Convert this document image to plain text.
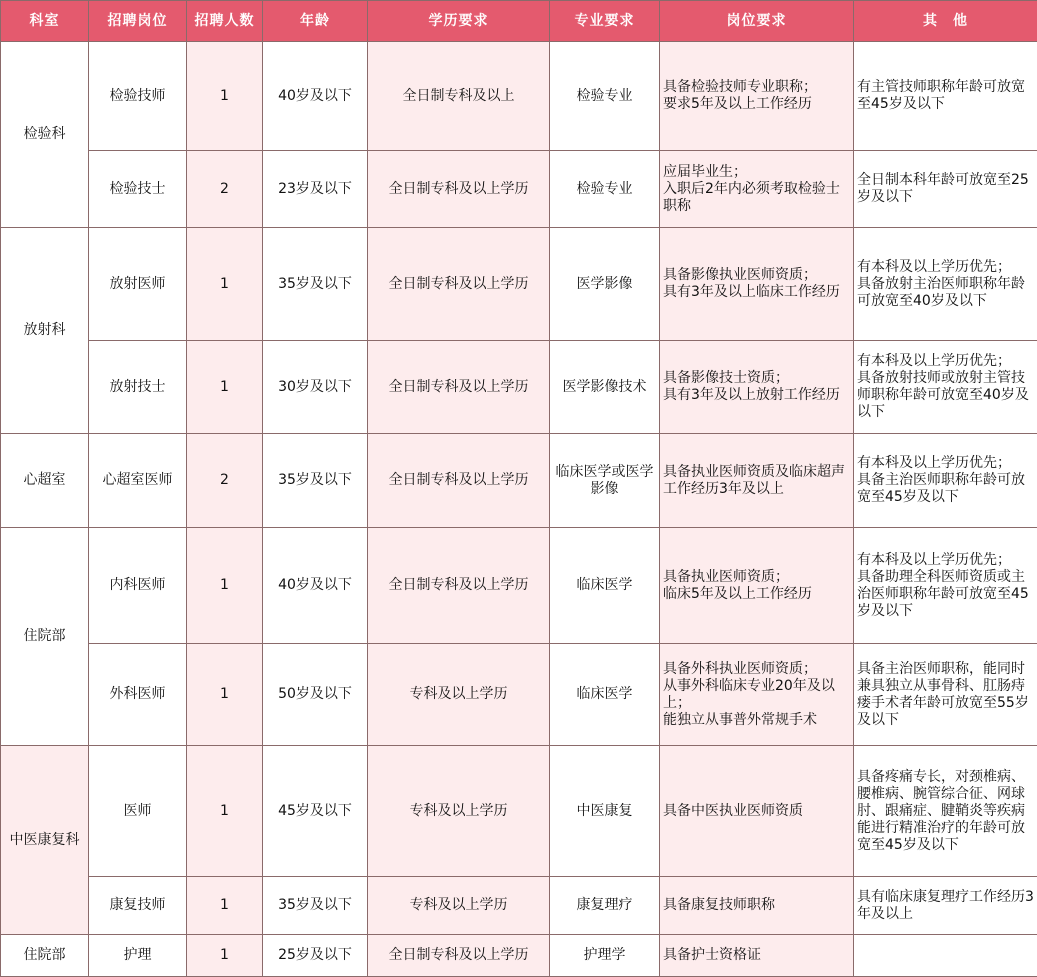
科室	招聘岗位	招聘人数	年龄	学历要求	专业要求	岗位要求	其　他
检验科	检验技师	1	40岁及以下	全日制专科及以上	检验专业	具备检验技师专业职称；
要求5年及以上工作经历	有主管技师职称年龄可放宽至45岁及以下
	检验技士	2	23岁及以下	全日制专科及以上学历	检验专业	应届毕业生；
入职后2年内必须考取检验士职称	全日制本科年龄可放宽至25岁及以下
放射科	放射医师	1	35岁及以下	全日制专科及以上学历	医学影像	具备影像执业医师资质；
具有3年及以上临床工作经历	有本科及以上学历优先；
具备放射主治医师职称年龄可放宽至40岁及以下
	放射技士	1	30岁及以下	全日制专科及以上学历	医学影像技术	具备影像技士资质；
具有3年及以上放射工作经历	有本科及以上学历优先；
具备放射技师或放射主管技师职称年龄可放宽至40岁及以下
心超室	心超室医师	2	35岁及以下	全日制专科及以上学历	临床医学或医学影像	具备执业医师资质及临床超声工作经历3年及以上	有本科及以上学历优先；
具备主治医师职称年龄可放宽至45岁及以下
住院部	内科医师	1	40岁及以下	全日制专科及以上学历	临床医学	具备执业医师资质；
临床5年及以上工作经历	有本科及以上学历优先；
具备助理全科医师资质或主治医师职称年龄可放宽至45岁及以下
	外科医师	1	50岁及以下	专科及以上学历	临床医学	具备外科执业医师资质；
从事外科临床专业20年及以上；
能独立从事普外常规手术	具备主治医师职称，能同时兼具独立从事骨科、肛肠痔瘘手术者年龄可放宽至55岁及以下
中医康复科	医师	1	45岁及以下	专科及以上学历	中医康复	具备中医执业医师资质	具备疼痛专长，对颈椎病、腰椎病、腕管综合征、网球肘、跟痛症、腱鞘炎等疾病能进行精准治疗的年龄可放宽至45岁及以下
	康复技师	1	35岁及以下	专科及以上学历	康复理疗	具备康复技师职称	具有临床康复理疗工作经历3年及以上
住院部	护理	1	25岁及以下	全日制专科及以上学历	护理学	具备护士资格证	
